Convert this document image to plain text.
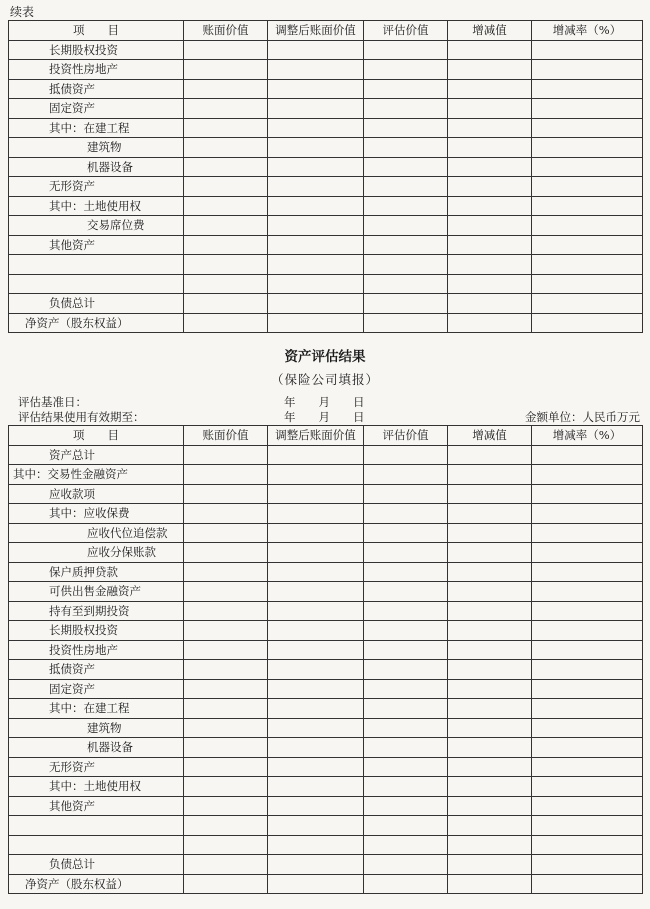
续表
项　　目	账面价值	调整后账面价值	评估价值	增减值	增减率（%）
长期股权投资					
投资性房地产					
抵债资产					
固定资产					
其中：在建工程					
建筑物					
机器设备					
无形资产					
其中：土地使用权					
交易席位费					
其他资产					

负债总计					
净资产（股东权益）					
资产评估结果
（保险公司填报）
评估基准日：	年　　月　　日
评估结果使用有效期至：	年　　月　　日	金额单位：人民币万元
项　　目	账面价值	调整后账面价值	评估价值	增减值	增减率（%）
资产总计					
其中：交易性金融资产					
应收款项					
其中：应收保费					
应收代位追偿款					
应收分保账款					
保户质押贷款					
可供出售金融资产					
持有至到期投资					
长期股权投资					
投资性房地产					
抵债资产					
固定资产					
其中：在建工程					
建筑物					
机器设备					
无形资产					
其中：土地使用权					
其他资产					

负债总计					
净资产（股东权益）					
